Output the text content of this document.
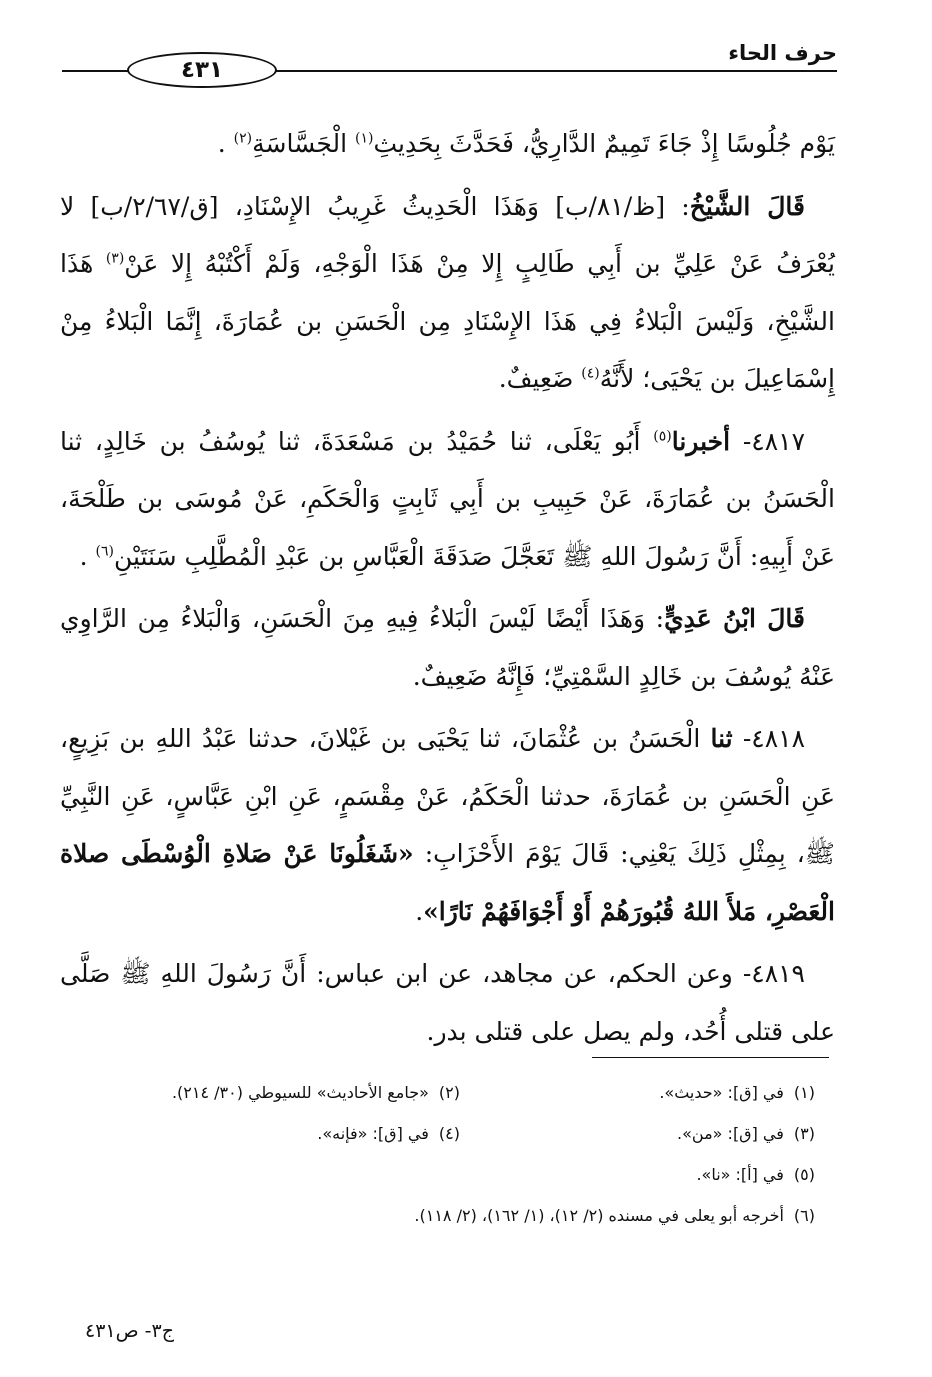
حرف الحاء
٤٣١

يَوْم جُلُوسًا إِذْ جَاءَ تَمِيمٌ الدَّارِيُّ، فَحَدَّثَ بِحَدِيثِ$^{(١)}$ الْجَسَّاسَةِ$^{(٢)}$ .

قَالَ الشَّيْخُ: [ظ/٨١/ب] وَهَذَا الْحَدِيثُ غَرِيبُ الإِسْنَادِ، [ق/٢/٦٧/ب] لا يُعْرَفُ عَنْ عَلِيِّ بن أَبِي طَالِبٍ إِلا مِنْ هَذَا الْوَجْهِ، وَلَمْ أَكْتُبْهُ إِلا عَنْ$^{(٣)}$ هَذَا الشَّيْخِ، وَلَيْسَ الْبَلاءُ فِي هَذَا الإِسْنَادِ مِن الْحَسَنِ بن عُمَارَةَ، إِنَّمَا الْبَلاءُ مِنْ إِسْمَاعِيلَ بن يَحْيَى؛ لأَنَّهُ$^{(٤)}$ ضَعِيفٌ.

٤٨١٧- أخبرنا$^{(٥)}$ أَبُو يَعْلَى، ثنا حُمَيْدُ بن مَسْعَدَةَ، ثنا يُوسُفُ بن خَالِدٍ، ثنا الْحَسَنُ بن عُمَارَةَ، عَنْ حَبِيبِ بن أَبِي ثَابِتٍ وَالْحَكَمِ، عَنْ مُوسَى بن طَلْحَةَ، عَنْ أَبِيهِ: أَنَّ رَسُولَ اللهِ ﷺ تَعَجَّلَ صَدَقَةَ الْعَبَّاسِ بن عَبْدِ الْمُطَّلِبِ سَنَتَيْنِ$^{(٦)}$ .

قَالَ ابْنُ عَدِيٍّ: وَهَذَا أَيْضًا لَيْسَ الْبَلاءُ فِيهِ مِنَ الْحَسَنِ، وَالْبَلاءُ مِن الرَّاوِي عَنْهُ يُوسُفَ بن خَالِدٍ السَّمْتِيِّ؛ فَإِنَّهُ ضَعِيفٌ.

٤٨١٨- ثنا الْحَسَنُ بن عُثْمَانَ، ثنا يَحْيَى بن غَيْلانَ، حدثنا عَبْدُ اللهِ بن بَزِيعٍ، عَنِ الْحَسَنِ بن عُمَارَةَ، حدثنا الْحَكَمُ، عَنْ مِقْسَمٍ، عَنِ ابْنِ عَبَّاسٍ، عَنِ النَّبِيِّ ﷺ، بِمِثْلِ ذَلِكَ يَعْنِي: قَالَ يَوْمَ الأَحْزَابِ: «شَغَلُونَا عَنْ صَلاةِ الْوُسْطَى صلاة الْعَصْرِ، مَلأَ اللهُ قُبُورَهُمْ أَوْ أَجْوَافَهُمْ نَارًا».

٤٨١٩- وعن الحكم، عن مجاهد، عن ابن عباس: أَنَّ رَسُولَ اللهِ ﷺ صَلَّى على قتلى أُحُد، ولم يصل على قتلى بدر.

(١)في [ق]: «حديث».
(٢)«جامع الأحاديث» للسيوطي (٣٠/ ٢١٤).
(٣)في [ق]: «من».
(٤)في [ق]: «فإنه».
(٥)في [أ]: «نا».
(٦)أخرجه أبو يعلى في مسنده (٢/ ١٢)، (١/ ١٦٢)، (٢/ ١١٨).
ج٣- ص٤٣١
